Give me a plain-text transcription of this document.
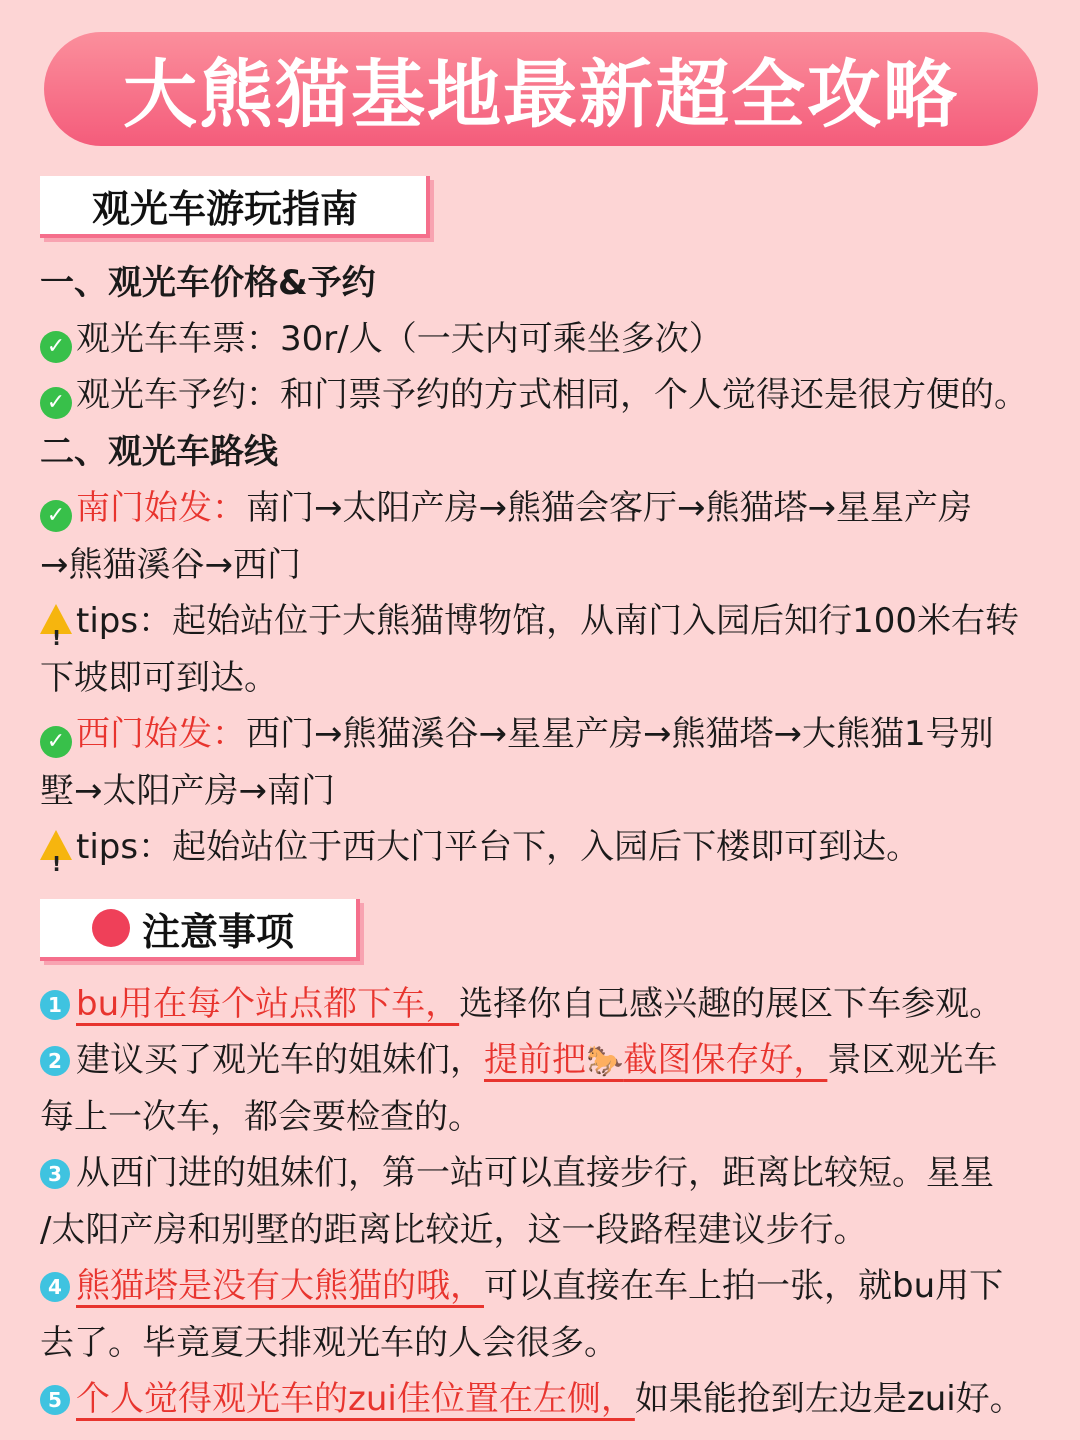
大熊猫基地最新超全攻略
观光车游玩指南
一、观光车价格&予约
✓ 观光车车票：30r/人（一天内可乘坐多次）
✓ 观光车予约：和门票予约的方式相同，个人觉得还是很方便的。
二、观光车路线
✓ 南门始发：南门→太阳产房→熊猫会客厅→熊猫塔→星星产房
→熊猫溪谷→西门
!tips：起始站位于大熊猫博物馆，从南门入园后知行100米右转
下坡即可到达。
✓ 西门始发：西门→熊猫溪谷→星星产房→熊猫塔→大熊猫1号别
墅→太阳产房→南门
!tips：起始站位于西大门平台下，入园后下楼即可到达。
注意事项
1 bu用在每个站点都下车，选择你自己感兴趣的展区下车参观。
2 建议买了观光车的姐妹们，提前把🐎截图保存好，景区观光车
每上一次车，都会要检查的。
3 从西门进的姐妹们，第一站可以直接步行，距离比较短。星星
/太阳产房和别墅的距离比较近，这一段路程建议步行。
4 熊猫塔是没有大熊猫的哦，可以直接在车上拍一张，就bu用下
去了。毕竟夏天排观光车的人会很多。
5 个人觉得观光车的zui佳位置在左侧，如果能抢到左边是zui好。
